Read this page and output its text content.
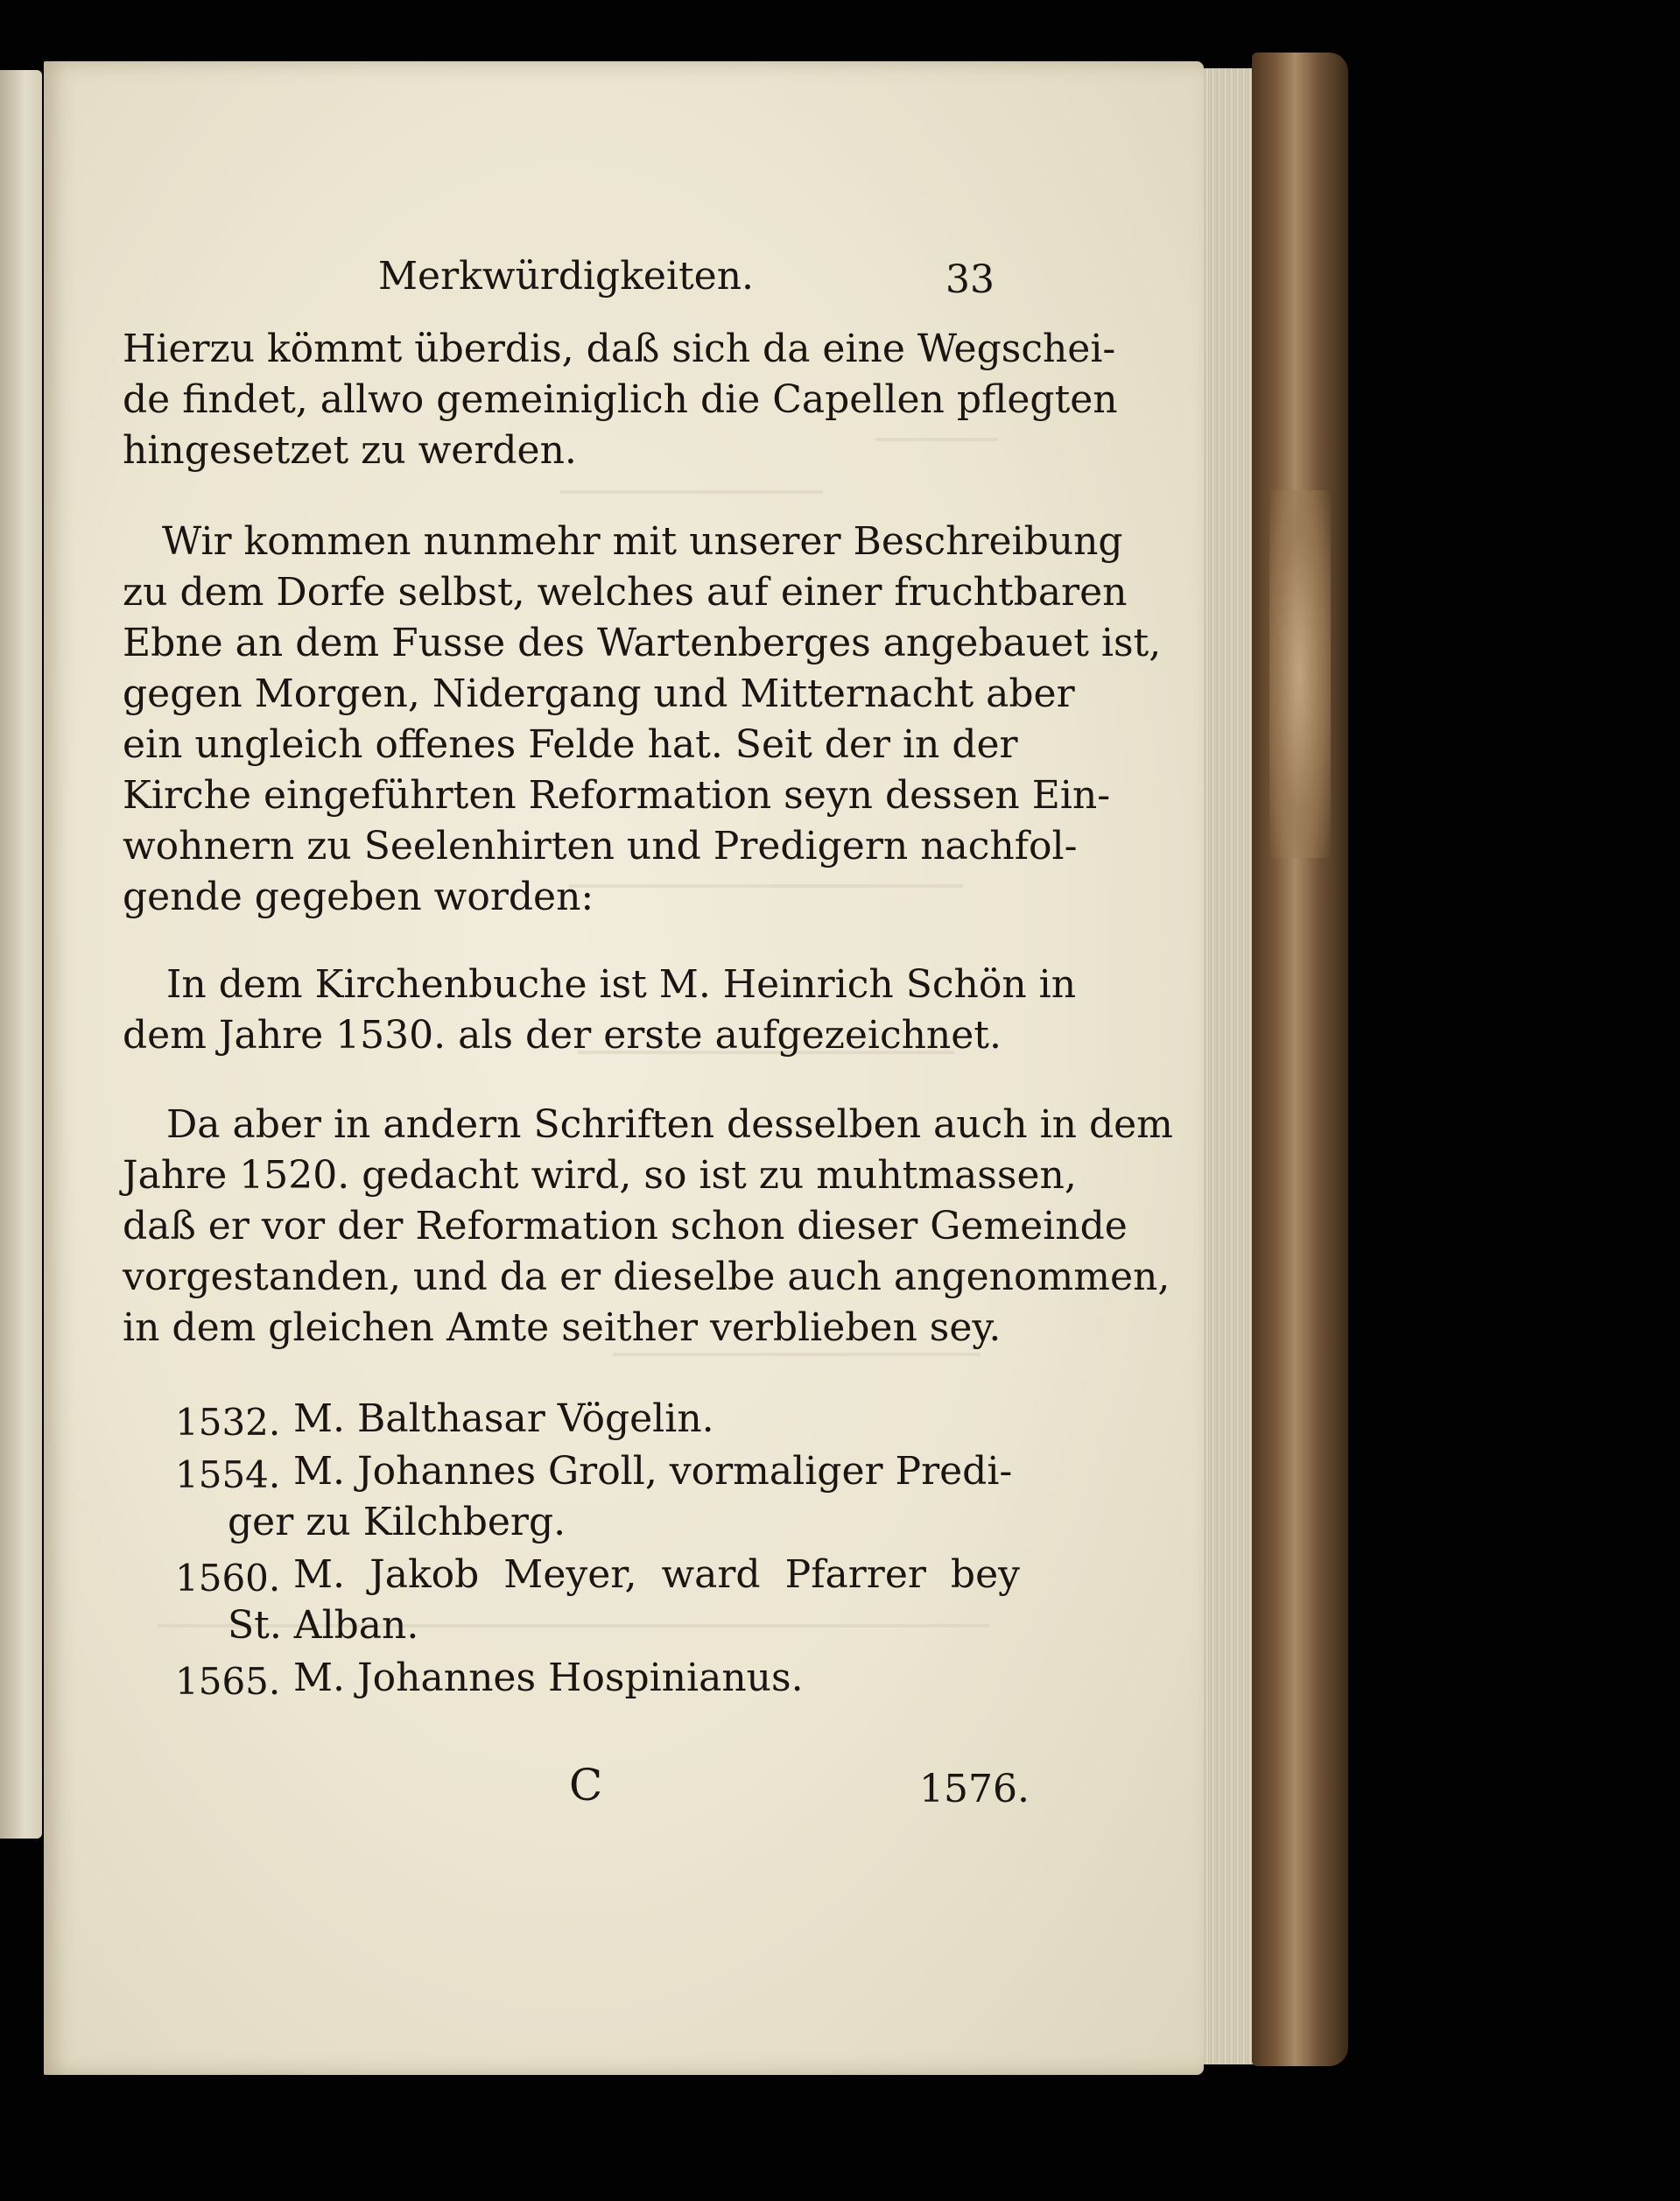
Merkwürdigkeiten.	33
Hierzu kömmt überdis, daß sich da eine Wegschei-
de findet, allwo gemeiniglich die Capellen pflegten
hingesetzet zu werden.
Wir kommen nunmehr mit unserer Beschreibung
zu dem Dorfe selbst, welches auf einer fruchtbaren
Ebne an dem Fusse des Wartenberges angebauet ist,
gegen Morgen, Nidergang und Mitternacht aber
ein ungleich offenes Felde hat. Seit der in der
Kirche eingeführten Reformation seyn dessen Ein-
wohnern zu Seelenhirten und Predigern nachfol-
gende gegeben worden:
In dem Kirchenbuche ist M. Heinrich Schön in
dem Jahre 1530. als der erste aufgezeichnet.
Da aber in andern Schriften desselben auch in dem
Jahre 1520. gedacht wird, so ist zu muhtmassen,
daß er vor der Reformation schon dieser Gemeinde
vorgestanden, und da er dieselbe auch angenommen,
in dem gleichen Amte seither verblieben sey.
1532. M. Balthasar Vögelin.
1554. M. Johannes Groll, vormaliger Predi-
ger zu Kilchberg.
1560. M. Jakob Meyer, ward Pfarrer bey
St. Alban.
1565. M. Johannes Hospinianus.
C	1576.
